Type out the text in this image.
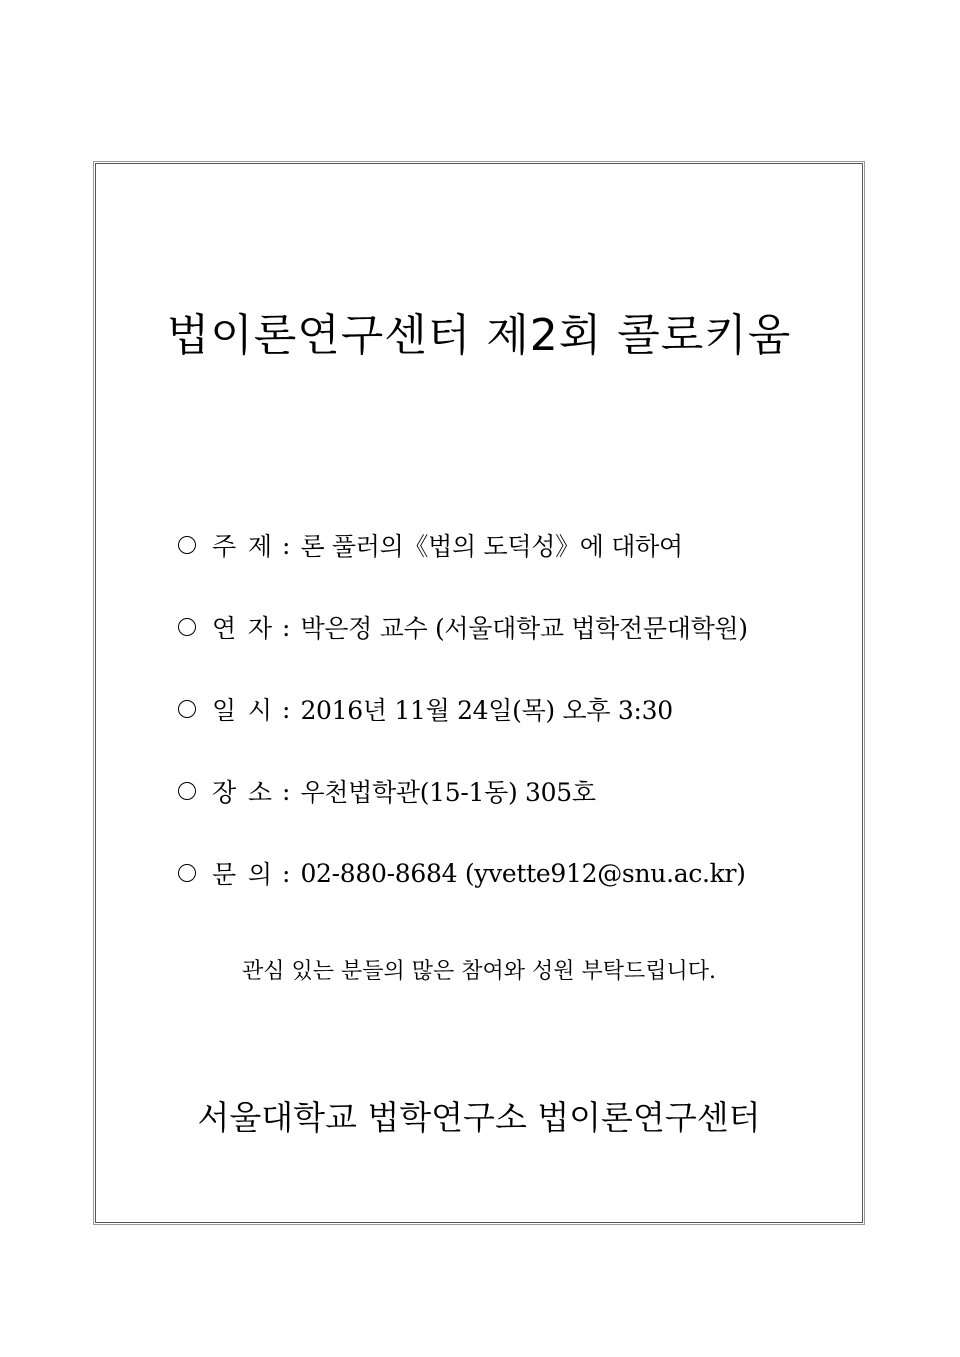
법이론연구센터 제2회 콜로키움
주 제 : 론 풀러의《법의 도덕성》에 대하여
연 자 : 박은정 교수 (서울대학교 법학전문대학원)
일 시 : 2016년 11월 24일(목) 오후 3:30
장 소 : 우천법학관(15-1동) 305호
문 의 : 02-880-8684 (yvette912@snu.ac.kr)
관심 있는 분들의 많은 참여와 성원 부탁드립니다.
서울대학교 법학연구소 법이론연구센터
